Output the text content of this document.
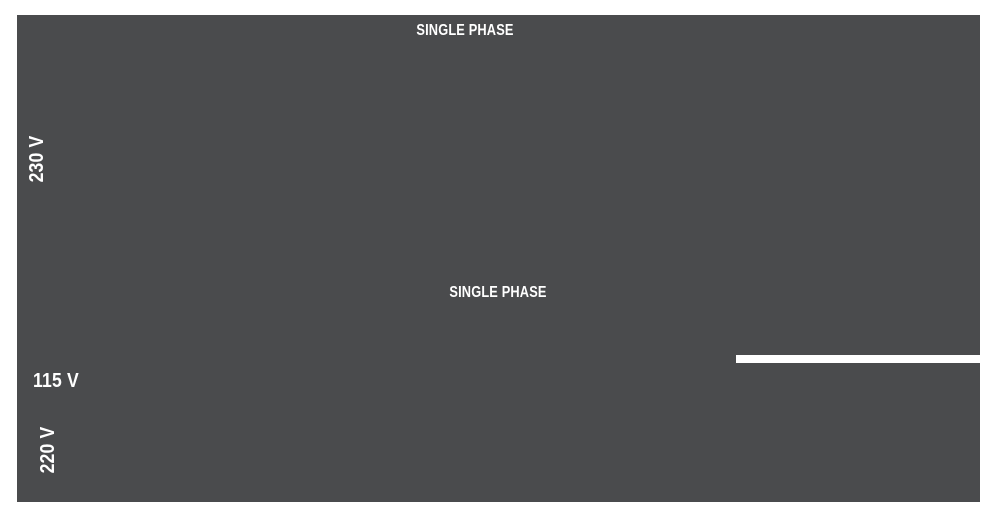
SINGLE PHASE
230 V
SINGLE PHASE
115 V
220 V
